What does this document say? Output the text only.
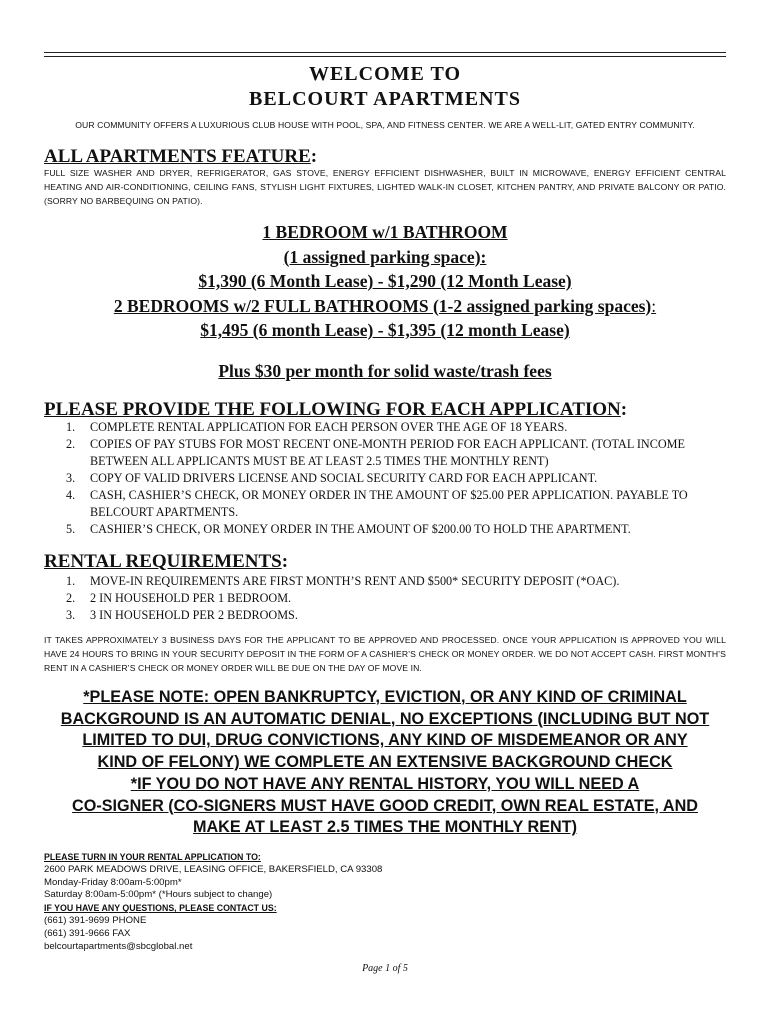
WELCOME TO
BELCOURT APARTMENTS
OUR COMMUNITY OFFERS A LUXURIOUS CLUB HOUSE WITH POOL, SPA, AND FITNESS CENTER. WE ARE A WELL-LIT, GATED ENTRY COMMUNITY.
ALL APARTMENTS FEATURE:
FULL SIZE WASHER AND DRYER, REFRIGERATOR, GAS STOVE, ENERGY EFFICIENT DISHWASHER, BUILT IN MICROWAVE, ENERGY EFFICIENT CENTRAL HEATING AND AIR-CONDITIONING, CEILING FANS, STYLISH LIGHT FIXTURES, LIGHTED WALK-IN CLOSET, KITCHEN PANTRY, AND PRIVATE BALCONY OR PATIO. (SORRY NO BARBEQUING ON PATIO).
1 BEDROOM w/1 BATHROOM
(1 assigned parking space):
$1,390 (6 Month Lease) - $1,290 (12 Month Lease)
2 BEDROOMS w/2 FULL BATHROOMS (1-2 assigned parking spaces):
$1,495 (6 month Lease) - $1,395 (12 month Lease)
Plus $30 per month for solid waste/trash fees
PLEASE PROVIDE THE FOLLOWING FOR EACH APPLICATION:
1. COMPLETE RENTAL APPLICATION FOR EACH PERSON OVER THE AGE OF 18 YEARS.
2. COPIES OF PAY STUBS FOR MOST RECENT ONE-MONTH PERIOD FOR EACH APPLICANT. (TOTAL INCOME BETWEEN ALL APPLICANTS MUST BE AT LEAST 2.5 TIMES THE MONTHLY RENT)
3. COPY OF VALID DRIVERS LICENSE AND SOCIAL SECURITY CARD FOR EACH APPLICANT.
4. CASH, CASHIER’S CHECK, OR MONEY ORDER IN THE AMOUNT OF $25.00 PER APPLICATION. PAYABLE TO BELCOURT APARTMENTS.
5. CASHIER’S CHECK, OR MONEY ORDER IN THE AMOUNT OF $200.00 TO HOLD THE APARTMENT.
RENTAL REQUIREMENTS:
1. MOVE-IN REQUIREMENTS ARE FIRST MONTH’S RENT AND $500* SECURITY DEPOSIT (*OAC).
2. 2 IN HOUSEHOLD PER 1 BEDROOM.
3. 3 IN HOUSEHOLD PER 2 BEDROOMS.
IT TAKES APPROXIMATELY 3 BUSINESS DAYS FOR THE APPLICANT TO BE APPROVED AND PROCESSED. ONCE YOUR APPLICATION IS APPROVED YOU WILL HAVE 24 HOURS TO BRING IN YOUR SECURITY DEPOSIT IN THE FORM OF A CASHIER’S CHECK OR MONEY ORDER. WE DO NOT ACCEPT CASH. FIRST MONTH’S RENT IN A CASHIER’S CHECK OR MONEY ORDER WILL BE DUE ON THE DAY OF MOVE IN.
*PLEASE NOTE: OPEN BANKRUPTCY, EVICTION, OR ANY KIND OF CRIMINAL
BACKGROUND IS AN AUTOMATIC DENIAL, NO EXCEPTIONS (INCLUDING BUT NOT
LIMITED TO DUI, DRUG CONVICTIONS, ANY KIND OF MISDEMEANOR OR ANY
KIND OF FELONY) WE COMPLETE AN EXTENSIVE BACKGROUND CHECK
*IF YOU DO NOT HAVE ANY RENTAL HISTORY, YOU WILL NEED A
CO-SIGNER (CO-SIGNERS MUST HAVE GOOD CREDIT, OWN REAL ESTATE, AND
MAKE AT LEAST 2.5 TIMES THE MONTHLY RENT)
PLEASE TURN IN YOUR RENTAL APPLICATION TO:
2600 PARK MEADOWS DRIVE, LEASING OFFICE, BAKERSFIELD, CA 93308
Monday-Friday 8:00am-5:00pm*
Saturday 8:00am-5:00pm* (*Hours subject to change)
IF YOU HAVE ANY QUESTIONS, PLEASE CONTACT US:
(661) 391-9699 PHONE
(661) 391-9666 FAX
belcourtapartments@sbcglobal.net
Page 1 of 5
